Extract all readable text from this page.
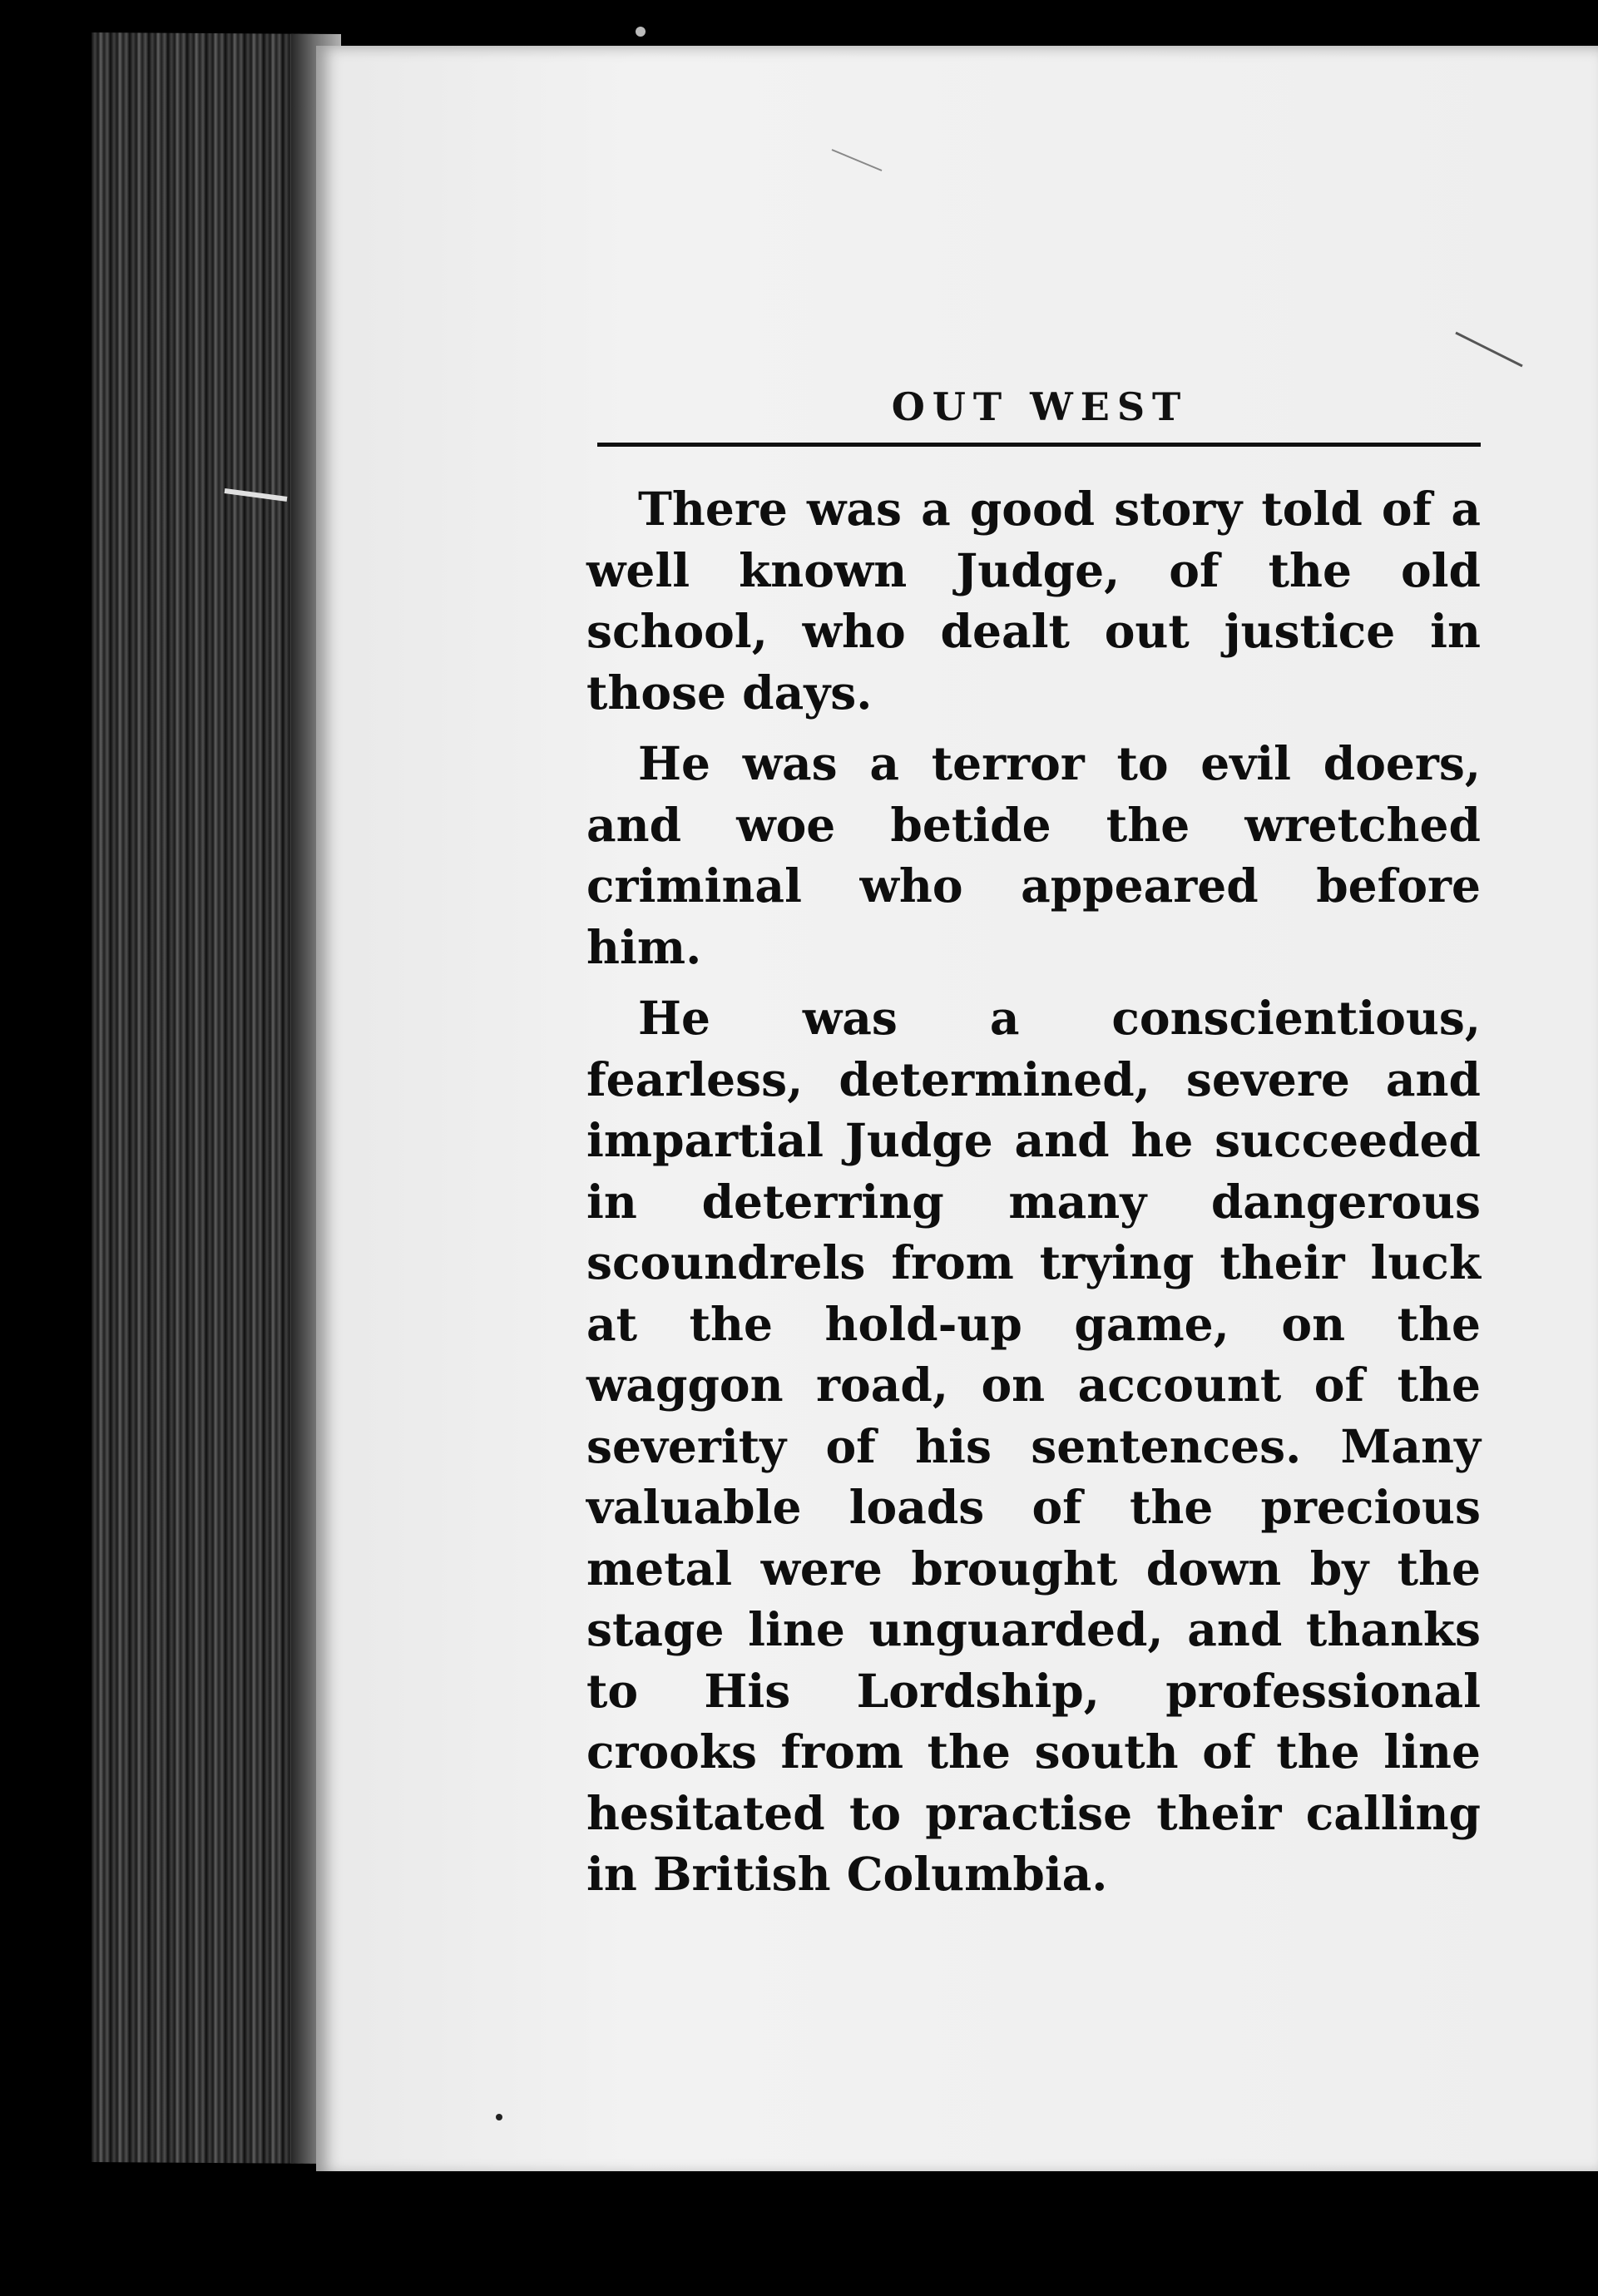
OUT WEST

There was a good story told of a well known Judge, of the old school, who dealt out justice in those days.

He was a terror to evil doers, and woe betide the wretched criminal who appeared before him.

He was a conscientious, fearless, determined, severe and impartial Judge and he succeeded in deterring many dangerous scoundrels from trying their luck at the hold-up game, on the waggon road, on account of the severity of his sentences. Many valuable loads of the precious metal were brought down by the stage line unguarded, and thanks to His Lordship, professional crooks from the south of the line hesitated to practise their calling in British Columbia.
